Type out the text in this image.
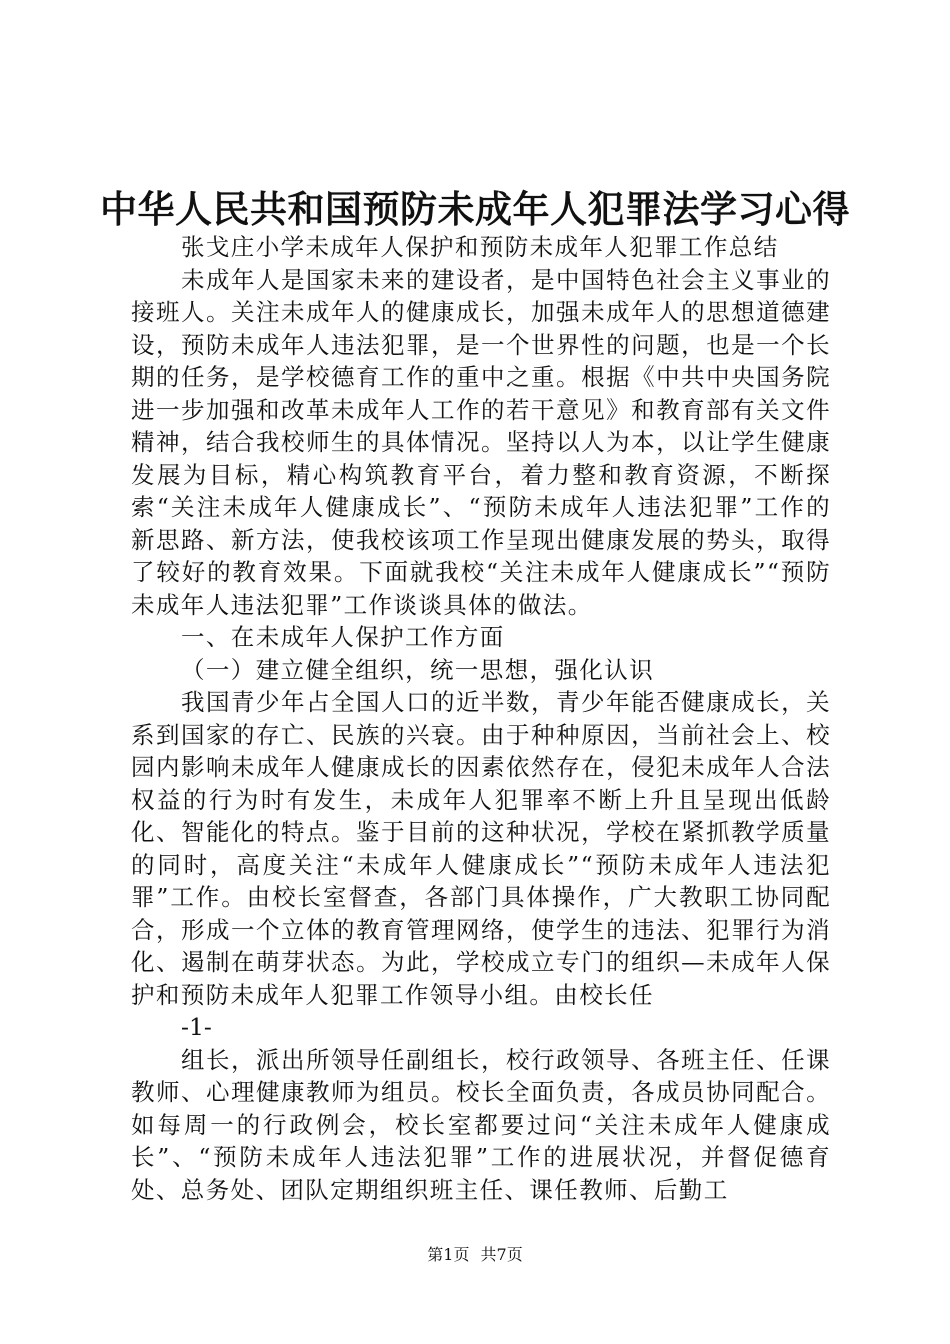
中华人民共和国预防未成年人犯罪法学习心得

张戈庄小学未成年人保护和预防未成年人犯罪工作总结

未成年人是国家未来的建设者，是中国特色社会主义事业的接班人。关注未成年人的健康成长，加强未成年人的思想道德建设，预防未成年人违法犯罪，是一个世界性的问题，也是一个长期的任务，是学校德育工作的重中之重。根据《中共中央国务院进一步加强和改革未成年人工作的若干意见》和教育部有关文件精神，结合我校师生的具体情况。坚持以人为本，以让学生健康发展为目标，精心构筑教育平台，着力整和教育资源，不断探索“关注未成年人健康成长”、“预防未成年人违法犯罪”工作的新思路、新方法，使我校该项工作呈现出健康发展的势头，取得了较好的教育效果。下面就我校“关注未成年人健康成长”“预防未成年人违法犯罪”工作谈谈具体的做法。

一、在未成年人保护工作方面

（一）建立健全组织，统一思想，强化认识

我国青少年占全国人口的近半数，青少年能否健康成长，关系到国家的存亡、民族的兴衰。由于种种原因，当前社会上、校园内影响未成年人健康成长的因素依然存在，侵犯未成年人合法权益的行为时有发生，未成年人犯罪率不断上升且呈现出低龄化、智能化的特点。鉴于目前的这种状况，学校在紧抓教学质量的同时，高度关注“未成年人健康成长”“预防未成年人违法犯罪”工作。由校长室督查，各部门具体操作，广大教职工协同配合，形成一个立体的教育管理网络，使学生的违法、犯罪行为消化、遏制在萌芽状态。为此，学校成立专门的组织—未成年人保护和预防未成年人犯罪工作领导小组。由校长任

-1-

组长，派出所领导任副组长，校行政领导、各班主任、任课教师、心理健康教师为组员。校长全面负责，各成员协同配合。如每周一的行政例会，校长室都要过问“关注未成年人健康成长”、“预防未成年人违法犯罪”工作的进展状况，并督促德育处、总务处、团队定期组织班主任、课任教师、后勤工

第1页 共7页
